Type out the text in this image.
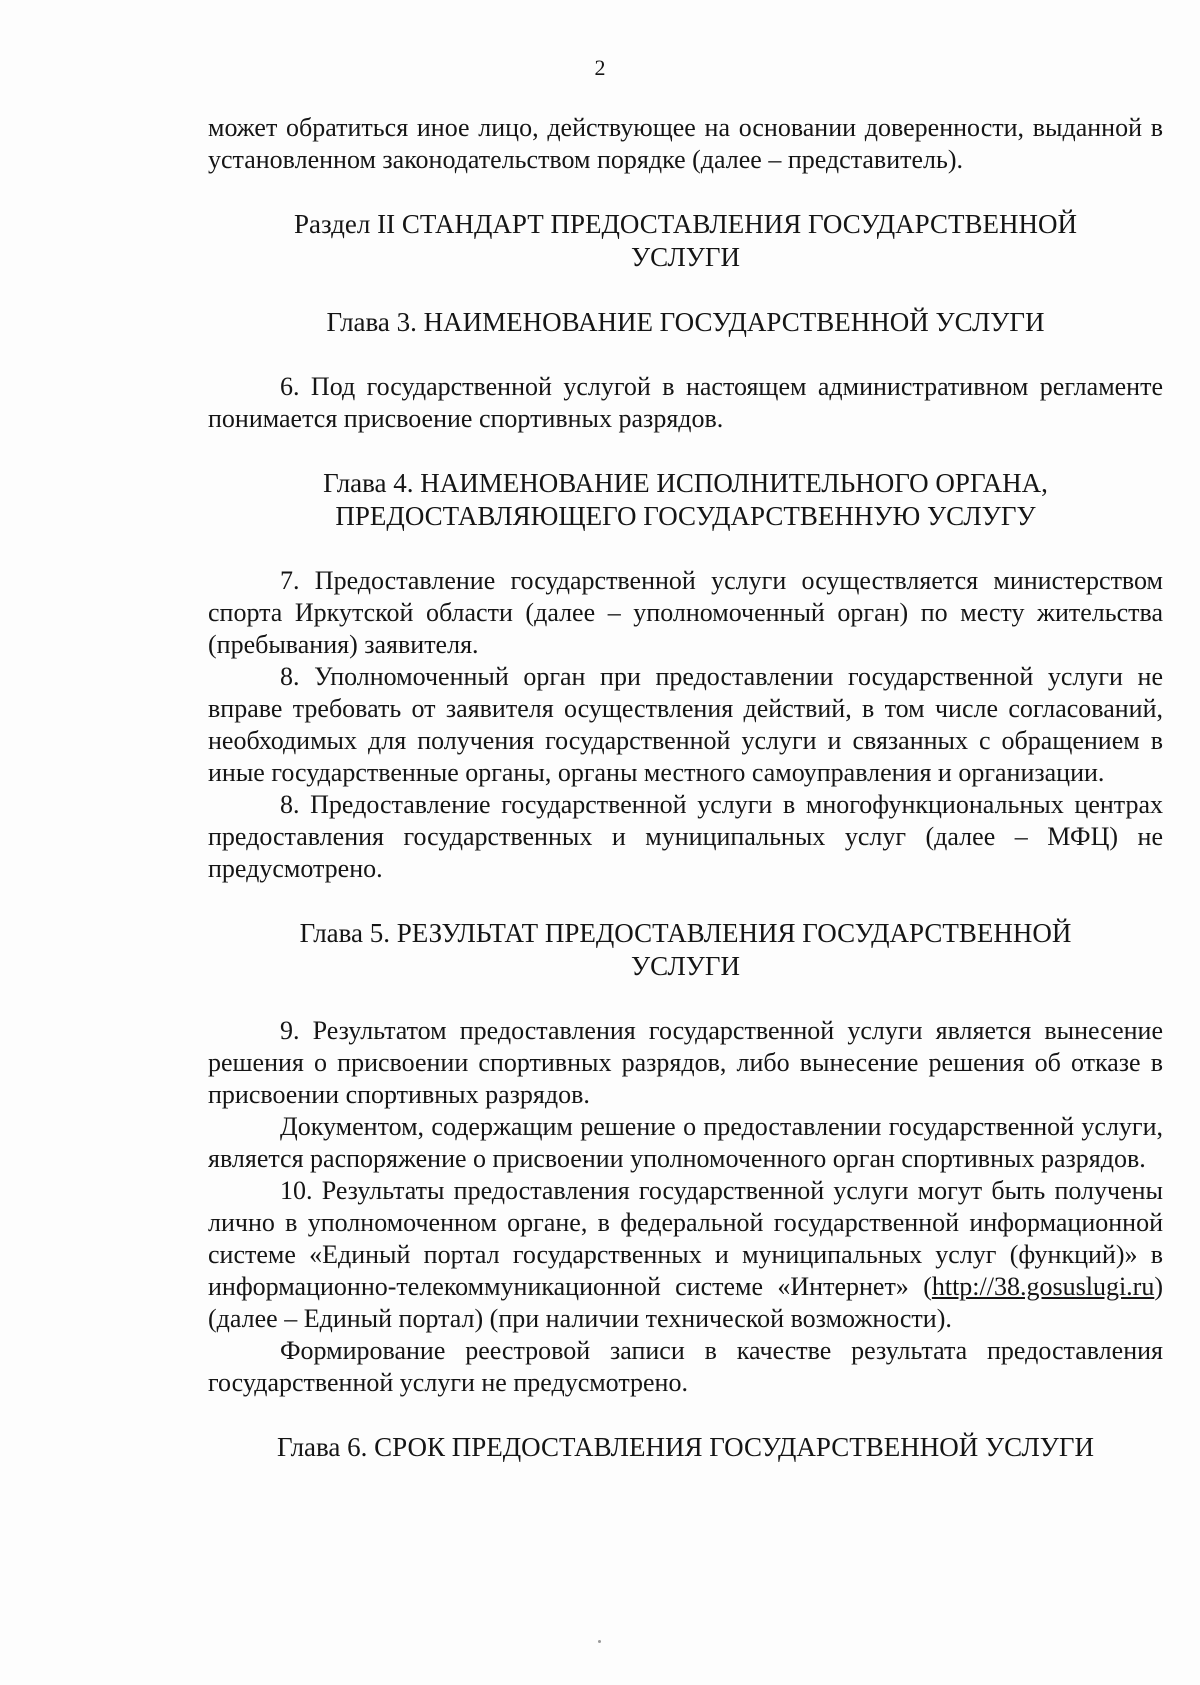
2

может обратиться иное лицо, действующее на основании доверенности, выданной в установленном законодательством порядке (далее – представитель).

Раздел II СТАНДАРТ ПРЕДОСТАВЛЕНИЯ ГОСУДАРСТВЕННОЙ

УСЛУГИ

Глава 3. НАИМЕНОВАНИЕ ГОСУДАРСТВЕННОЙ УСЛУГИ

6. Под государственной услугой в настоящем административном регламенте понимается присвоение спортивных разрядов.

Глава 4. НАИМЕНОВАНИЕ ИСПОЛНИТЕЛЬНОГО ОРГАНА,

ПРЕДОСТАВЛЯЮЩЕГО ГОСУДАРСТВЕННУЮ УСЛУГУ

7. Предоставление государственной услуги осуществляется министерством спорта Иркутской области (далее – уполномоченный орган) по месту жительства (пребывания) заявителя.

8. Уполномоченный орган при предоставлении государственной услуги не вправе требовать от заявителя осуществления действий, в том числе согласований, необходимых для получения государственной услуги и связанных с обращением в иные государственные органы, органы местного самоуправления и организации.

8. Предоставление государственной услуги в многофункциональных центрах предоставления государственных и муниципальных услуг (далее – МФЦ) не предусмотрено.

Глава 5. РЕЗУЛЬТАТ ПРЕДОСТАВЛЕНИЯ ГОСУДАРСТВЕННОЙ

УСЛУГИ

9. Результатом предоставления государственной услуги является вынесение решения о присвоении спортивных разрядов, либо вынесение решения об отказе в присвоении спортивных разрядов.

Документом, содержащим решение о предоставлении государственной услуги, является распоряжение о присвоении уполномоченного орган спортивных разрядов.

10. Результаты предоставления государственной услуги могут быть получены лично в уполномоченном органе, в федеральной государственной информационной системе «Единый портал государственных и муниципальных услуг (функций)» в информационно-телекоммуникационной системе «Интернет» (http://38.gosuslugi.ru) (далее – Единый портал) (при наличии технической возможности).

Формирование реестровой записи в качестве результата предоставления государственной услуги не предусмотрено.

Глава 6. СРОК ПРЕДОСТАВЛЕНИЯ ГОСУДАРСТВЕННОЙ УСЛУГИ
